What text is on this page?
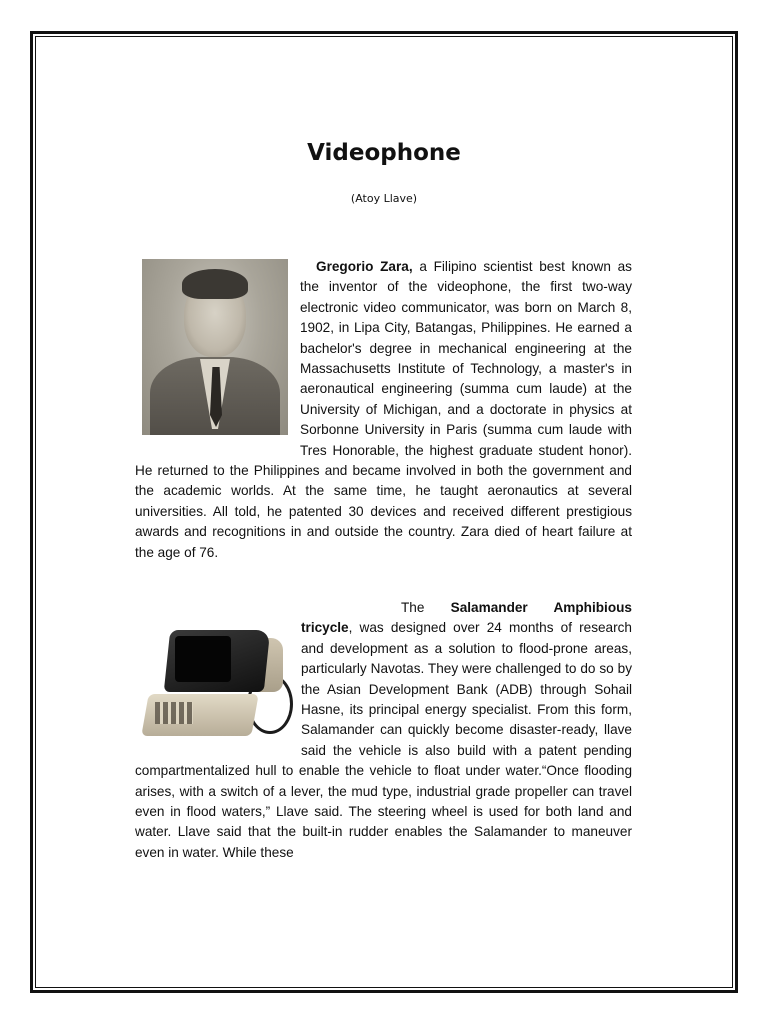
Videophone
(Atoy Llave)

Gregorio Zara, a Filipino scientist best known as the inventor of the videophone, the first two-way electronic video communicator, was born on March 8, 1902, in Lipa City, Batangas, Philippines. He earned a bachelor's degree in mechanical engineering at the Massachusetts Institute of Technology, a master's in aeronautical engineering (summa cum laude) at the University of Michigan, and a doctorate in physics at Sorbonne University in Paris (summa cum laude with Tres Honorable, the highest graduate student honor). He returned to the Philippines and became involved in both the government and the academic worlds. At the same time, he taught aeronautics at several universities. All told, he patented 30 devices and received different prestigious awards and recognitions in and outside the country. Zara died of heart failure at the age of 76.

The Salamander Amphibious tricycle, was designed over 24 months of research and development as a solution to flood-prone areas, particularly Navotas. They were challenged to do so by the Asian Development Bank (ADB) through Sohail Hasne, its principal energy specialist. From this form, Salamander can quickly become disaster-ready, llave said the vehicle is also build with a patent pending compartmentalized hull to enable the vehicle to float under water.“Once flooding arises, with a switch of a lever, the mud type, industrial grade propeller can travel even in flood waters,” Llave said. The steering wheel is used for both land and water. Llave said that the built-in rudder enables the Salamander to maneuver even in water. While these
